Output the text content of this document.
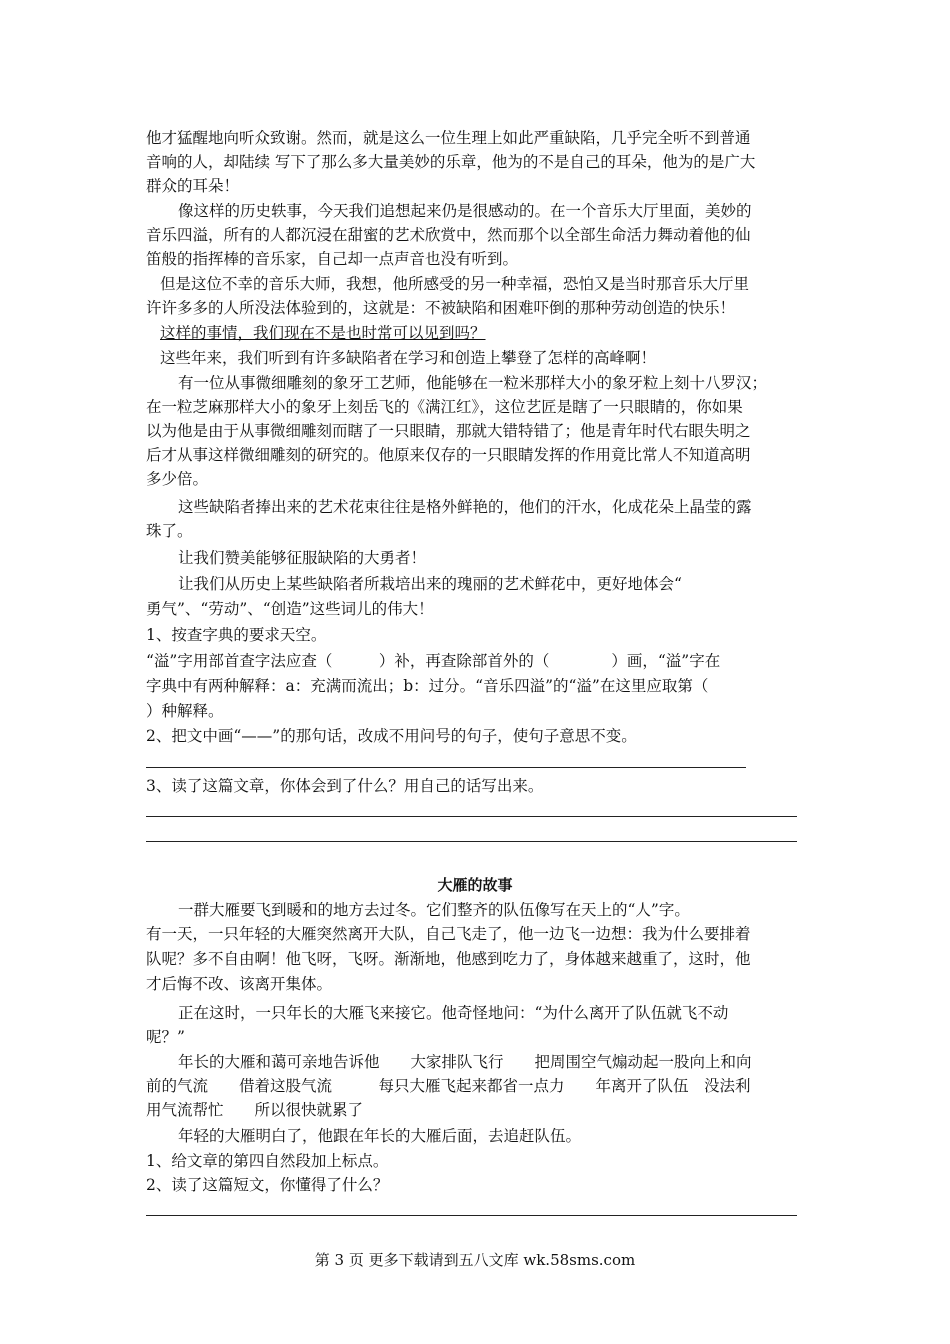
他才猛醒地向听众致谢。然而，就是这么一位生理上如此严重缺陷，几乎完全听不到普通

音响的人，却陆续 写下了那么多大量美妙的乐章，他为的不是自己的耳朵，他为的是广大

群众的耳朵！

像这样的历史轶事，今天我们追想起来仍是很感动的。在一个音乐大厅里面，美妙的

音乐四溢，所有的人都沉浸在甜蜜的艺术欣赏中，然而那个以全部生命活力舞动着他的仙

笛般的指挥棒的音乐家，自己却一点声音也没有听到。

但是这位不幸的音乐大师，我想，他所感受的另一种幸福，恐怕又是当时那音乐大厅里

许许多多的人所没法体验到的，这就是：不被缺陷和困难吓倒的那种劳动创造的快乐！

这样的事情，我们现在不是也时常可以见到吗？

这些年来，我们听到有许多缺陷者在学习和创造上攀登了怎样的高峰啊！

有一位从事微细雕刻的象牙工艺师，他能够在一粒米那样大小的象牙粒上刻十八罗汉；

在一粒芝麻那样大小的象牙上刻岳飞的《满江红》，这位艺匠是瞎了一只眼睛的，你如果

以为他是由于从事微细雕刻而瞎了一只眼睛，那就大错特错了；他是青年时代右眼失明之

后才从事这样微细雕刻的研究的。他原来仅存的一只眼睛发挥的作用竟比常人不知道高明

多少倍。

这些缺陷者捧出来的艺术花束往往是格外鲜艳的，他们的汗水，化成花朵上晶莹的露

珠了。

让我们赞美能够征服缺陷的大勇者！

让我们从历史上某些缺陷者所栽培出来的瑰丽的艺术鲜花中，更好地体会“

勇气”、“劳动”、“创造”这些词儿的伟大！

1、按查字典的要求天空。

“溢”字用部首查字法应查（　　　）补，再查除部首外的（　　　　）画，“溢”字在

字典中有两种解释：a：充满而流出；b：过分。“音乐四溢”的“溢”在这里应取第（

）种解释。

2、把文中画“——”的那句话，改成不用问号的句子，使句子意思不变。

3、读了这篇文章，你体会到了什么？用自己的话写出来。

大雁的故事

一群大雁要飞到暖和的地方去过冬。它们整齐的队伍像写在天上的“人”字。

有一天，一只年轻的大雁突然离开大队，自己飞走了，他一边飞一边想：我为什么要排着

队呢？多不自由啊！他飞呀，飞呀。渐渐地，他感到吃力了，身体越来越重了，这时，他

才后悔不改、该离开集体。

正在这时，一只年长的大雁飞来接它。他奇怪地问：“为什么离开了队伍就飞不动

呢？”

年长的大雁和蔼可亲地告诉他　　大家排队飞行　　把周围空气煽动起一股向上和向

前的气流　　借着这股气流　　　每只大雁飞起来都省一点力　　年离开了队伍　没法利

用气流帮忙　　所以很快就累了

年轻的大雁明白了，他跟在年长的大雁后面，去追赶队伍。

1、给文章的第四自然段加上标点。

2、读了这篇短文，你懂得了什么？

第 3 页 更多下载请到五八文库 wk.58sms.com
